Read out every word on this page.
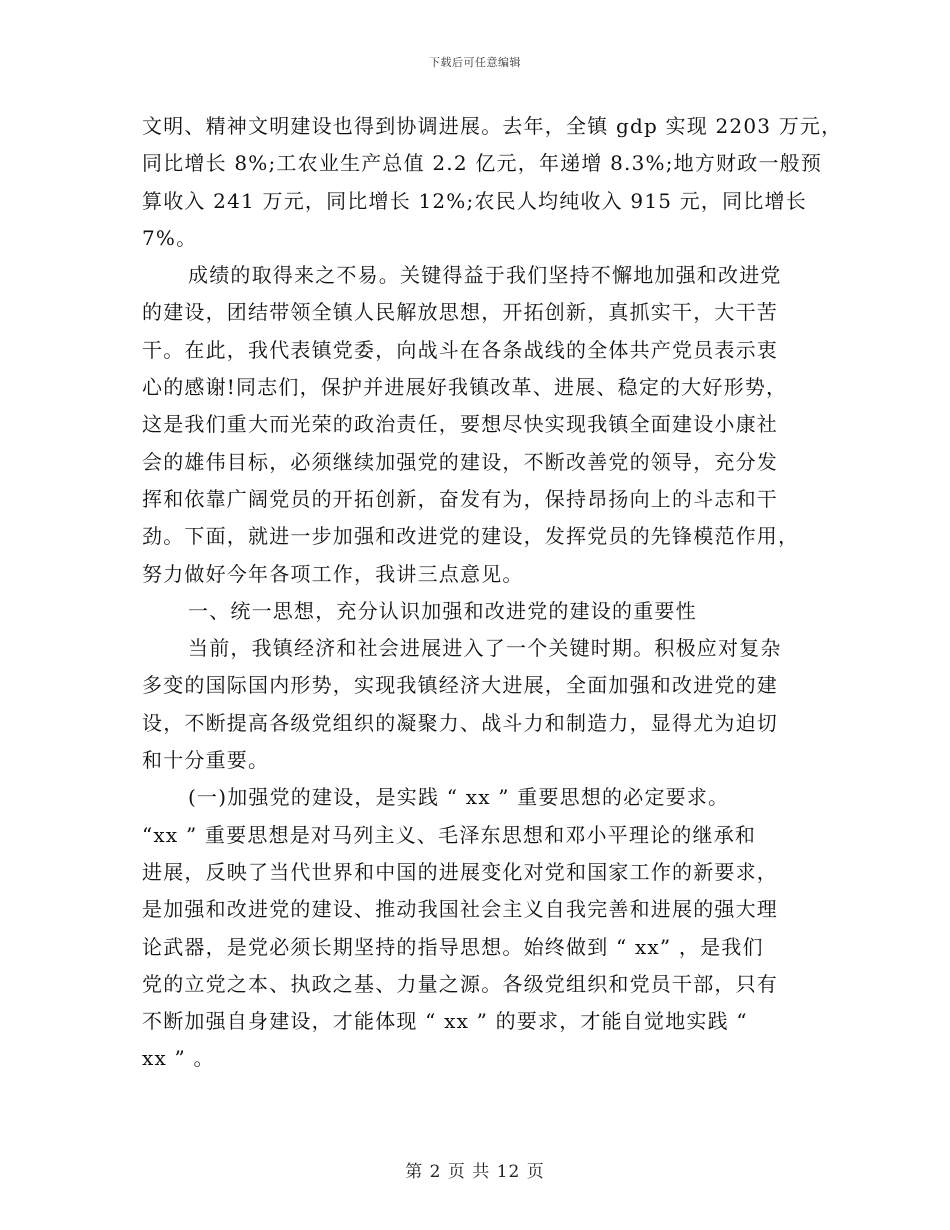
下载后可任意编辑
文明、精神文明建设也得到协调进展。去年，全镇 gdp 实现 2203 万元，
同比增长 8%;工农业生产总值 2.2 亿元，年递增 8.3%;地方财政一般预
算收入 241 万元，同比增长 12%;农民人均纯收入 915 元，同比增长
7%。
成绩的取得来之不易。关键得益于我们坚持不懈地加强和改进党
的建设，团结带领全镇人民解放思想，开拓创新，真抓实干，大干苦
干。在此，我代表镇党委，向战斗在各条战线的全体共产党员表示衷
心的感谢!同志们，保护并进展好我镇改革、进展、稳定的大好形势，
这是我们重大而光荣的政治责任，要想尽快实现我镇全面建设小康社
会的雄伟目标，必须继续加强党的建设，不断改善党的领导，充分发
挥和依靠广阔党员的开拓创新，奋发有为，保持昂扬向上的斗志和干
劲。下面，就进一步加强和改进党的建设，发挥党员的先锋模范作用，
努力做好今年各项工作，我讲三点意见。
一、统一思想，充分认识加强和改进党的建设的重要性
当前，我镇经济和社会进展进入了一个关键时期。积极应对复杂
多变的国际国内形势，实现我镇经济大进展，全面加强和改进党的建
设，不断提高各级党组织的凝聚力、战斗力和制造力，显得尤为迫切
和十分重要。
(一)加强党的建设，是实践 “ xx ” 重要思想的必定要求。
“xx ” 重要思想是对马列主义、毛泽东思想和邓小平理论的继承和
进展，反映了当代世界和中国的进展变化对党和国家工作的新要求，
是加强和改进党的建设、推动我国社会主义自我完善和进展的强大理
论武器，是党必须长期坚持的指导思想。始终做到 “ xx” ，是我们
党的立党之本、执政之基、力量之源。各级党组织和党员干部，只有
不断加强自身建设，才能体现 “ xx ” 的要求，才能自觉地实践 “
xx ” 。
第 2 页 共 12 页
